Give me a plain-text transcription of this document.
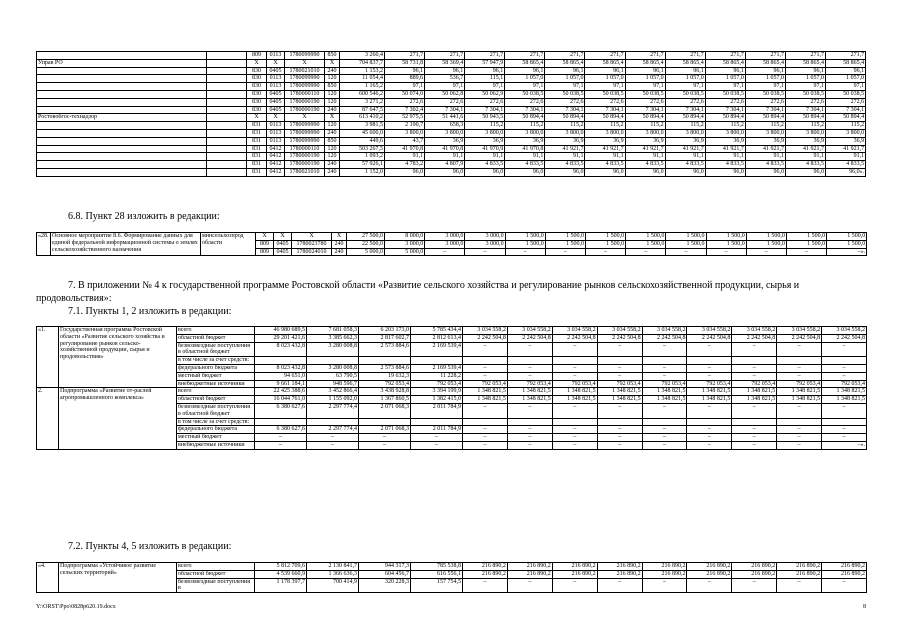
		809	0113	1780099990	850	3 260,4	271,7	271,7	271,7	271,7	271,7	271,7	271,7	271,7	271,7	271,7	271,7	271,7
Управ РО		X	X	X	X	704 837,7	58 731,8	58 369,4	57 947,9	58 865,4	58 865,4	58 865,4	58 865,4	58 865,4	58 865,4	58 865,4	58 865,4	58 865,4
		830	0405	1780021010	240	1 153,2	96,1	96,1	96,1	96,1	96,1	96,1	96,1	96,1	96,1	96,1	96,1	96,1
		830	0113	1780099990	120	11 054,4	889,6	536,7	115,1	1 057,0	1 057,0	1 057,0	1 057,0	1 057,0	1 057,0	1 057,0	1 057,0	1 057,0
		830	0113	1780099990	850	1 165,2	97,1	97,1	97,1	97,1	97,1	97,1	97,1	97,1	97,1	97,1	97,1	97,1
		830	0405	1780000110	120	600 546,2	50 074,0	50 062,8	50 062,9	50 038,5	50 038,5	50 038,5	50 038,5	50 038,5	50 038,5	50 038,5	50 038,5	50 038,5
		830	0405	1780000190	120	3 271,2	272,6	272,6	272,6	272,6	272,6	272,6	272,6	272,6	272,6	272,6	272,6	272,6
		830	0405	1780000190	240	87 647,5	7 302,4	7 304,1	7 304,1	7 304,1	7 304,1	7 304,1	7 304,1	7 304,1	7 304,1	7 304,1	7 304,1	7 304,1
Ростовобгос-технадзор		X	X	X	X	613 410,2	52 975,5	51 441,6	50 943,5	50 894,4	50 894,4	50 894,4	50 894,4	50 894,4	50 894,4	50 894,4	50 894,4	50 894,4
		831	0113	1780099990	120	3 981,5	2 190,7	658,3	115,2	115,2	115,2	115,2	115,2	115,2	115,2	115,2	115,2	115,2
		831	0113	1780099990	240	45 600,0	3 800,0	3 800,0	3 800,0	3 800,0	3 800,0	3 800,0	3 800,0	3 800,0	3 800,0	3 800,0	3 800,0	3 800,0
		831	0113	1780099990	850	449,6	43,7	36,9	36,9	36,9	36,9	36,9	36,9	36,9	36,9	36,9	36,9	36,9
		831	0412	1780000110	120	503 267,5	41 970,8	41 970,8	41 970,9	41 970,8	41 921,7	41 921,7	41 921,7	41 921,7	41 921,7	41 921,7	41 921,7	41 921,7
		831	0412	1780000190	120	1 093,2	91,1	91,1	91,1	91,1	91,1	91,1	91,1	91,1	91,1	91,1	91,1	91,1
		831	0412	1780000190	240	57 926,1	4 783,2	4 807,9	4 833,5	4 833,5	4 833,5	4 833,5	4 833,5	4 833,5	4 833,5	4 833,5	4 833,5	4 833,5
		831	0412	1780021010	240	1 152,0	96,0	96,0	96,0	96,0	96,0	96,0	96,0	96,0	96,0	96,0	96,0	96,0».

6.8. Пункт 28 изложить в редакции:

«28.	Основное мероприятие 8.6. Формирование данных для единой федеральной информационной системы о землях сельскохозяйственного назначения	минсельхозпрод области	X	X	X	X	27 500,0	8 000,0	3 000,0	3 000,0	1 500,0	1 500,0	1 500,0	1 500,0	1 500,0	1 500,0	1 500,0	1 500,0	1 500,0
			809	0405	1780023780	240	22 500,0	3 000,0	3 000,0	3 000,0	1 500,0	1 500,0	1 500,0	1 500,0	1 500,0	1 500,0	1 500,0	1 500,0	1 500,0
			809	0405	1780024010	240	5 000,0	5 000,0	–	–	–	–	–	–	–	–	–	–	–».

7. В приложении № 4 к государственной программе Ростовской области «Развитие сельского хозяйства и регулирование рынков сельскохозяйственной продукции, сырья и

продовольствия»:

7.1. Пункты 1, 2 изложить в редакции:

«1.	Государственная программа Ростовской области «Развитие сельского хозяйства и регулирование рынков сельско-хозяйственной продукции, сырья и продовольствия»	всего	46 980 689,5	7 681 058,3	6 203 173,0	5 785 434,4	3 034 558,2	3 034 558,2	3 034 558,2	3 034 558,2	3 034 558,2	3 034 558,2	3 034 558,2	3 034 558,2	3 034 558,2
		областной бюджет	29 201 421,6	3 385 662,3	2 817 602,7	2 812 613,4	2 242 504,8	2 242 504,8	2 242 504,8	2 242 504,8	2 242 504,8	2 242 504,8	2 242 504,8	2 242 504,8	2 242 504,8
		безвозмездные поступления в областной бюджет	8 023 432,8	3 280 008,8	2 573 884,6	2 169 539,4	–	–	–	–	–	–	–	–	–
		в том числе за счет средств:													
		федерального бюджета	8 023 432,8	3 280 008,8	2 573 884,6	2 169 539,4	–	–	–	–	–	–	–	–	–
		местный бюджет	94 651,0	63 790,5	19 632,3	11 228,2	–	–	–	–	–	–	–	–	–
		внебюджетные источники	9 661 184,1	948 596,7	792 053,4	792 053,4	792 053,4	792 053,4	792 053,4	792 053,4	792 053,4	792 053,4	792 053,4	792 053,4	792 053,4
2.	Подпрограмма «Развитие от-раслей агропромышленного комплекса»	всего	22 425 388,6	3 452 866,4	3 438 928,8	3 394 199,9	1 348 821,5	1 348 821,5	1 348 821,5	1 348 821,5	1 348 821,5	1 348 821,5	1 348 821,5	1 348 821,5	1 348 821,5
		областной бюджет	16 044 761,0	1 155 092,0	1 367 860,5	1 382 415,0	1 348 821,5	1 348 821,5	1 348 821,5	1 348 821,5	1 348 821,5	1 348 821,5	1 348 821,5	1 348 821,5	1 348 821,5
		безвозмездные поступления в областной бюджет	6 380 627,6	2 297 774,4	2 071 068,3	2 011 784,9	–	–	–	–	–	–	–	–	–
		в том числе за счет средств:													
		федерального бюджета	6 380 627,6	2 297 774,4	2 071 068,3	2 011 784,9	–	–	–	–	–	–	–	–	–
		местный бюджет	–	–	–	–	–	–	–	–	–	–	–	–	–
		внебюджетные источники	–	–	–	–	–	–	–	–	–	–	–	–	–».

7.2. Пункты 4, 5 изложить в редакции:

«4.	Подпрограмма «Устойчивое развитие сельских территорий»	всего	5 812 709,6	2 130 841,7	944 317,3	785 538,8	216 890,2	216 890,2	216 890,2	216 890,2	216 890,2	216 890,2	216 890,2	216 890,2	216 890,2
		областной бюджет	4 539 660,9	1 366 636,3	604 456,7	616 556,1	216 890,2	216 890,2	216 890,2	216 890,2	216 890,2	216 890,2	216 890,2	216 890,2	216 890,2
		безвозмездные поступления в	1 178 397,7	700 414,9	320 228,3	157 754,5	–	–	–	–	–	–	–	–	–
Y:\ORST\Ppo\0828p620.19.docx	8
